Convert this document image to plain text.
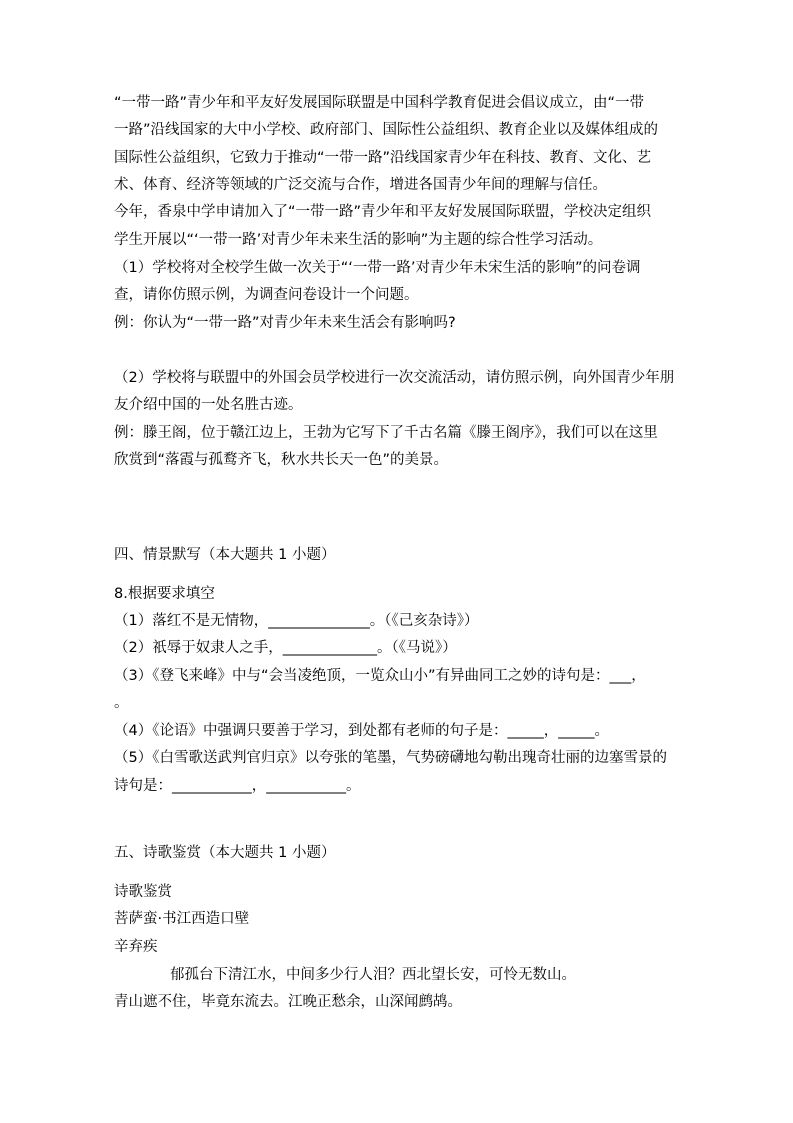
“一带一路”青少年和平友好发展国际联盟是中国科学教育促进会倡议成立，由“一带
一路”沿线国家的大中小学校、政府部门、国际性公益组织、教育企业以及媒体组成的
国际性公益组织，它致力于推动“一带一路”沿线国家青少年在科技、教育、文化、艺
术、体育、经济等领域的广泛交流与合作，增进各国青少年间的理解与信任。
今年，香泉中学申请加入了“一带一路”青少年和平友好发展国际联盟，学校决定组织
学生开展以“‘一带一路’对青少年未来生活的影响”为主题的综合性学习活动。
（1）学校将对全校学生做一次关于“‘一带一路’对青少年未宋生活的影响”的问卷调
查，请你仿照示例，为调查问卷设计一个问题。
例：你认为“一带一路”对青少年未来生活会有影响吗?
（2）学校将与联盟中的外国会员学校进行一次交流活动，请仿照示例，向外国青少年朋
友介绍中国的一处名胜古迹。
例：滕王阁，位于赣江边上，王勃为它写下了千古名篇《滕王阁序》，我们可以在这里
欣赏到“落霞与孤鹜齐飞，秋水共长天一色”的美景。
四、情景默写（本大题共 1 小题）
8.根据要求填空
（1）落红不是无情物，______________。（《己亥杂诗》）
（2）祇辱于奴隶人之手，_____________。（《马说》）
（3）《登飞来峰》中与“会当凌绝顶，一览众山小”有异曲同工之妙的诗句是：___，
。
（4）《论语》中强调只要善于学习，到处都有老师的句子是：_____，_____。
（5）《白雪歌送武判官归京》以夸张的笔墨，气势磅礴地勾勒出瑰奇壮丽的边塞雪景的
诗句是：___________，___________。
五、诗歌鉴赏（本大题共 1 小题）
诗歌鉴赏
菩萨蛮·书江西造口壁
辛弃疾
郁孤台下清江水，中间多少行人泪？西北望长安，可怜无数山。
青山遮不住，毕竟东流去。江晚正愁余，山深闻鹧鸪。
